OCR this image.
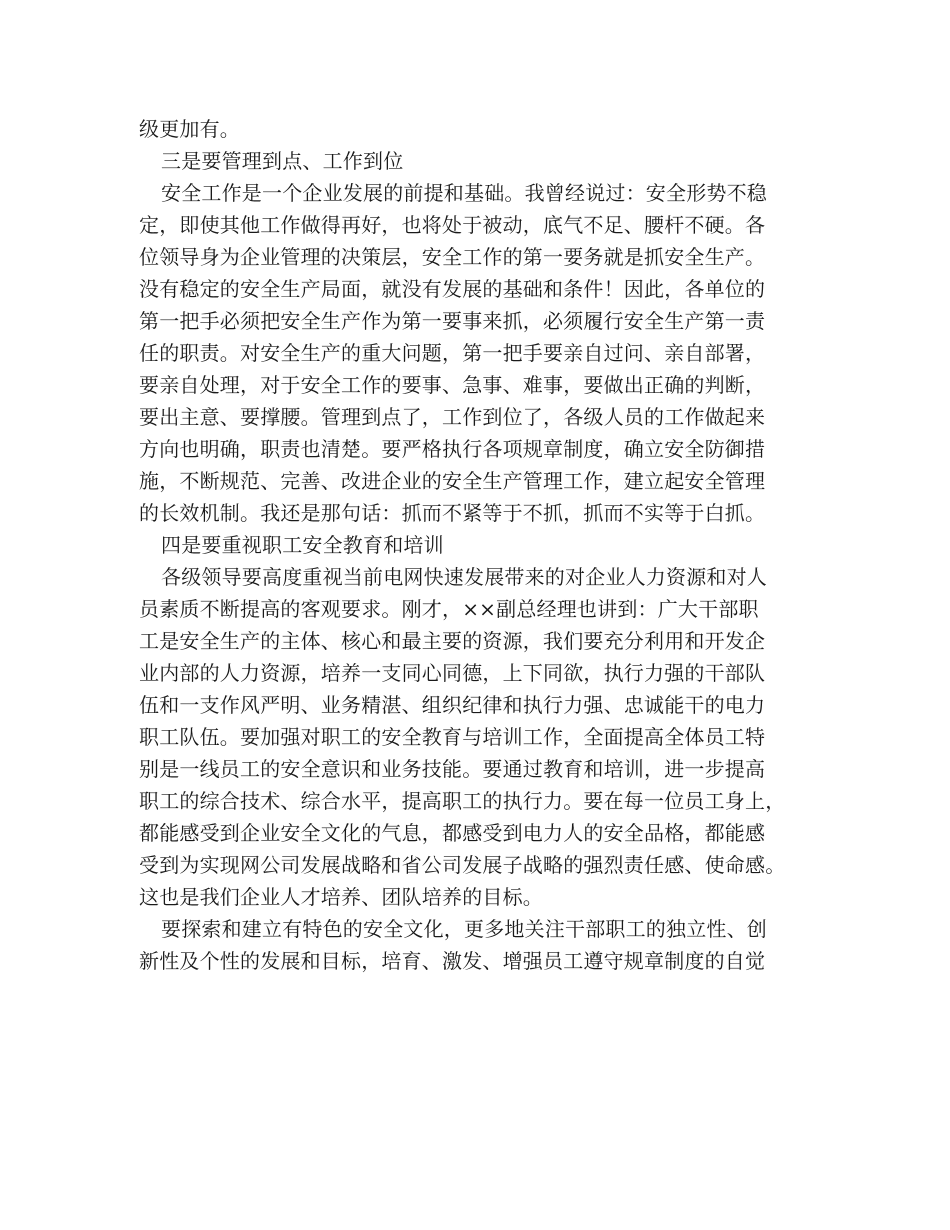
级更加有。
三是要管理到点、工作到位
安全工作是一个企业发展的前提和基础。我曾经说过：安全形势不稳
定，即使其他工作做得再好，也将处于被动，底气不足、腰杆不硬。各
位领导身为企业管理的决策层，安全工作的第一要务就是抓安全生产。
没有稳定的安全生产局面，就没有发展的基础和条件！因此，各单位的
第一把手必须把安全生产作为第一要事来抓，必须履行安全生产第一责
任的职责。对安全生产的重大问题，第一把手要亲自过问、亲自部署，
要亲自处理，对于安全工作的要事、急事、难事，要做出正确的判断，
要出主意、要撑腰。管理到点了，工作到位了，各级人员的工作做起来
方向也明确，职责也清楚。要严格执行各项规章制度，确立安全防御措
施，不断规范、完善、改进企业的安全生产管理工作，建立起安全管理
的长效机制。我还是那句话：抓而不紧等于不抓，抓而不实等于白抓。
四是要重视职工安全教育和培训
各级领导要高度重视当前电网快速发展带来的对企业人力资源和对人
员素质不断提高的客观要求。刚才，××副总经理也讲到：广大干部职
工是安全生产的主体、核心和最主要的资源，我们要充分利用和开发企
业内部的人力资源，培养一支同心同德，上下同欲，执行力强的干部队
伍和一支作风严明、业务精湛、组织纪律和执行力强、忠诚能干的电力
职工队伍。要加强对职工的安全教育与培训工作，全面提高全体员工特
别是一线员工的安全意识和业务技能。要通过教育和培训，进一步提高
职工的综合技术、综合水平，提高职工的执行力。要在每一位员工身上，
都能感受到企业安全文化的气息，都感受到电力人的安全品格，都能感
受到为实现网公司发展战略和省公司发展子战略的强烈责任感、使命感。
这也是我们企业人才培养、团队培养的目标。
要探索和建立有特色的安全文化，更多地关注干部职工的独立性、创
新性及个性的发展和目标，培育、激发、增强员工遵守规章制度的自觉
